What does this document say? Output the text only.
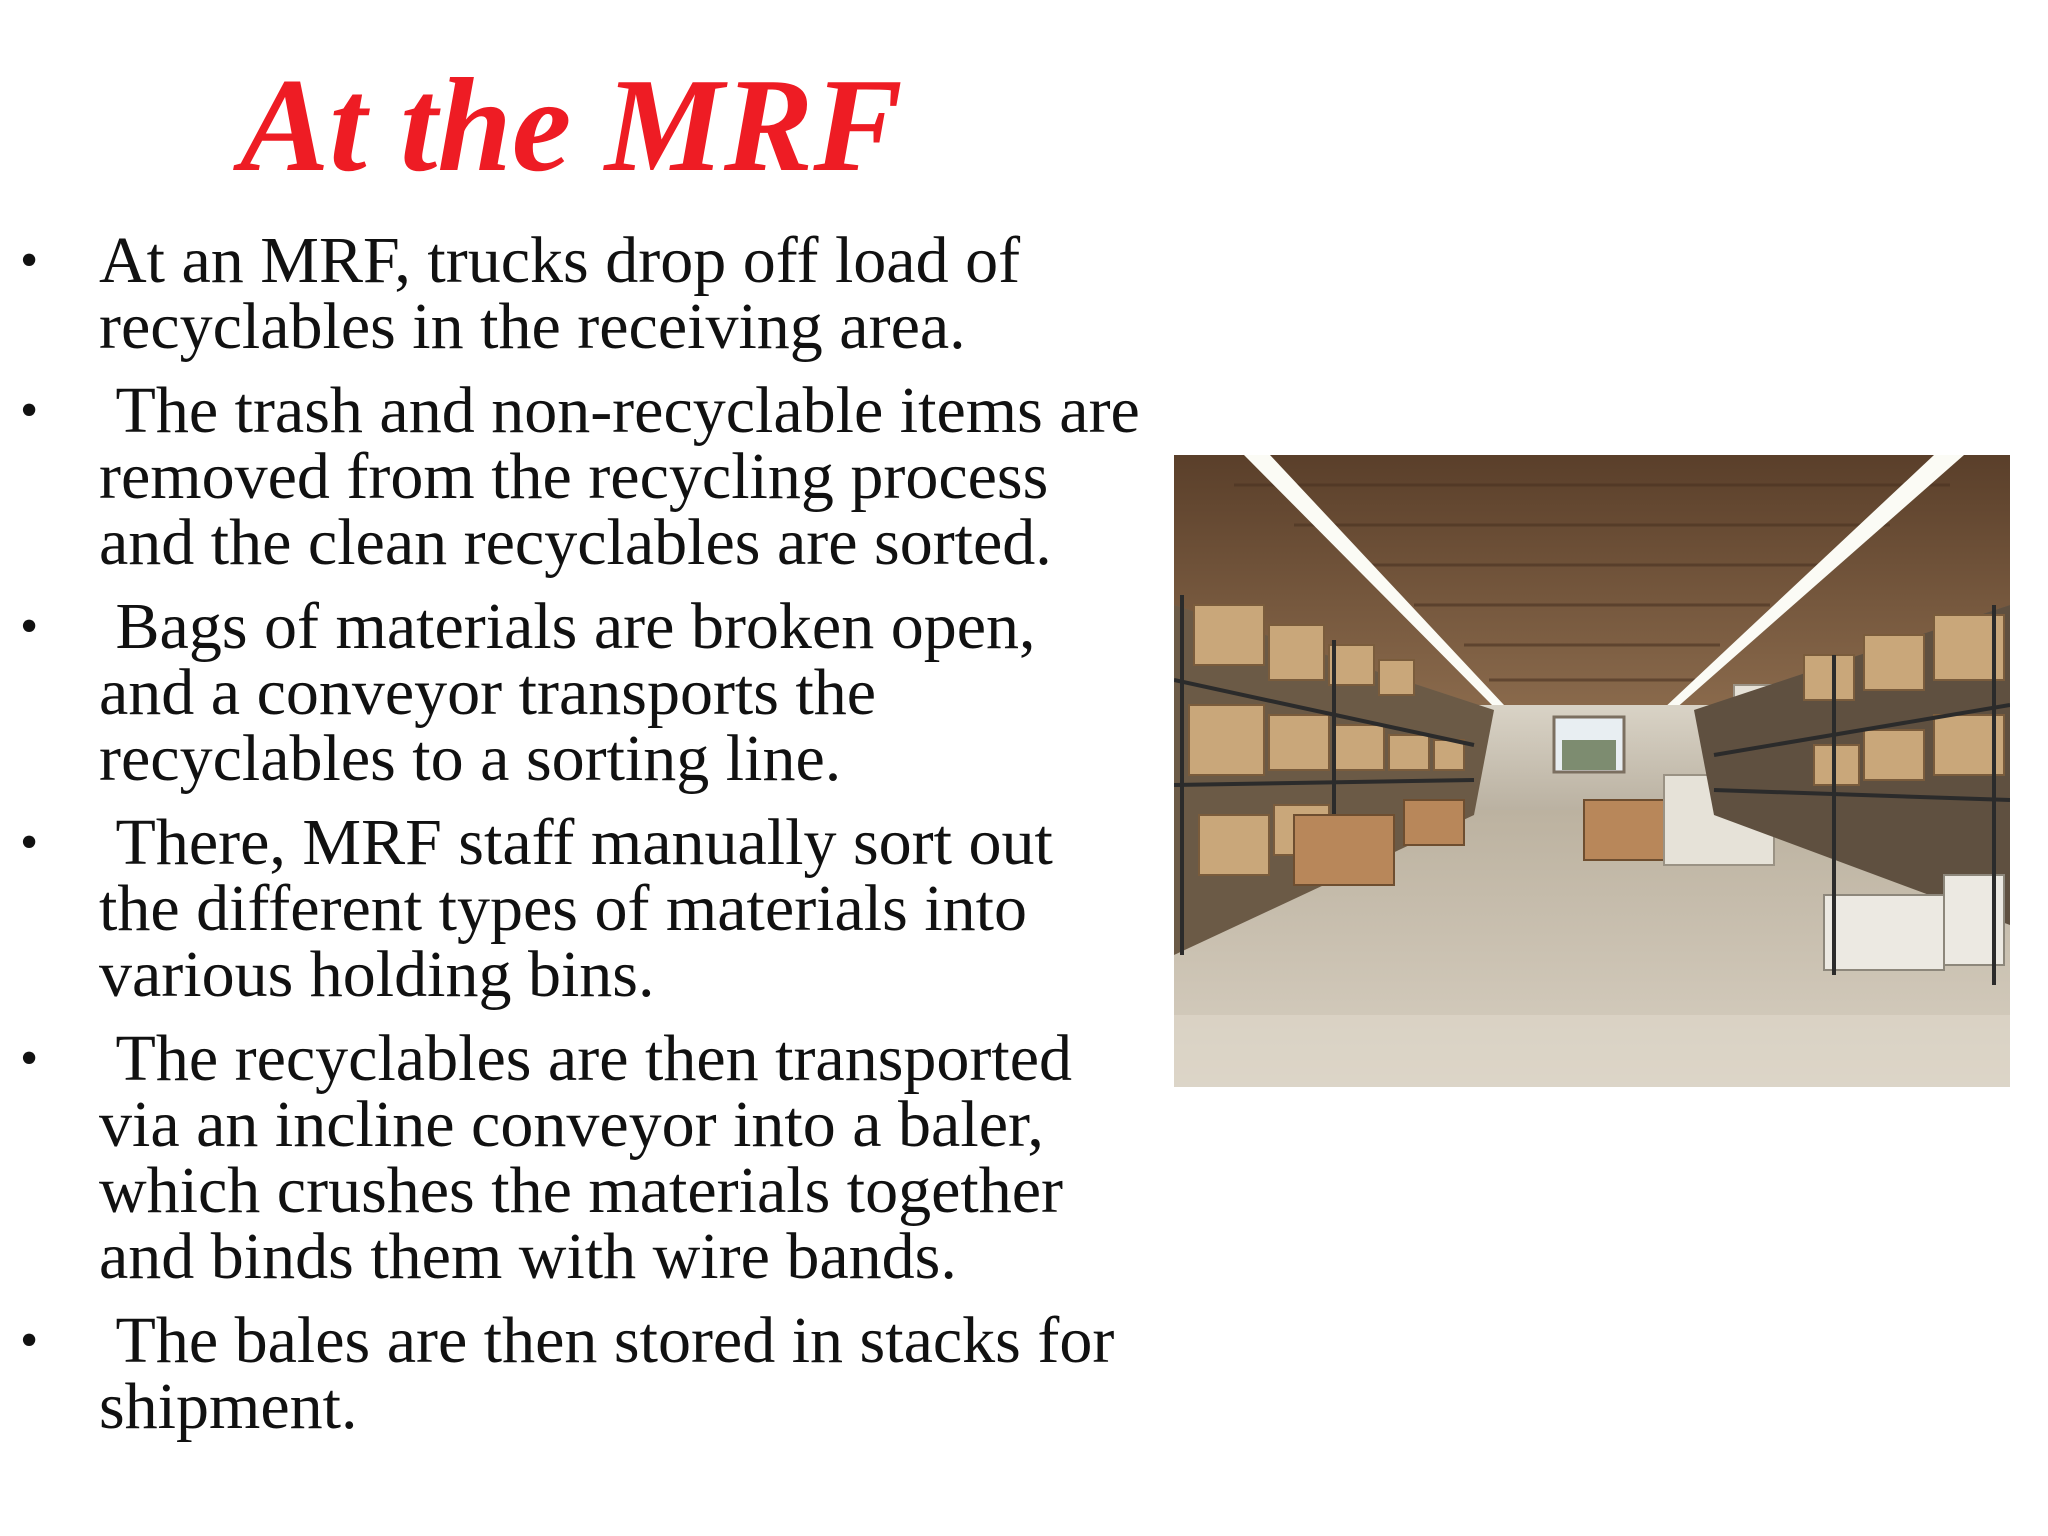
At the MRF
• At an MRF, trucks drop off load of recyclables in the receiving area.
• The trash and non-recyclable items are removed from the recycling process and the clean recyclables are sorted.
• Bags of materials are broken open, and a conveyor transports the recyclables to a sorting line.
• There, MRF staff manually sort out the different types of materials into various holding bins.
• The recyclables are then transported via an incline conveyor into a baler, which crushes the materials together and binds them with wire bands.
• The bales are then stored in stacks for shipment.
